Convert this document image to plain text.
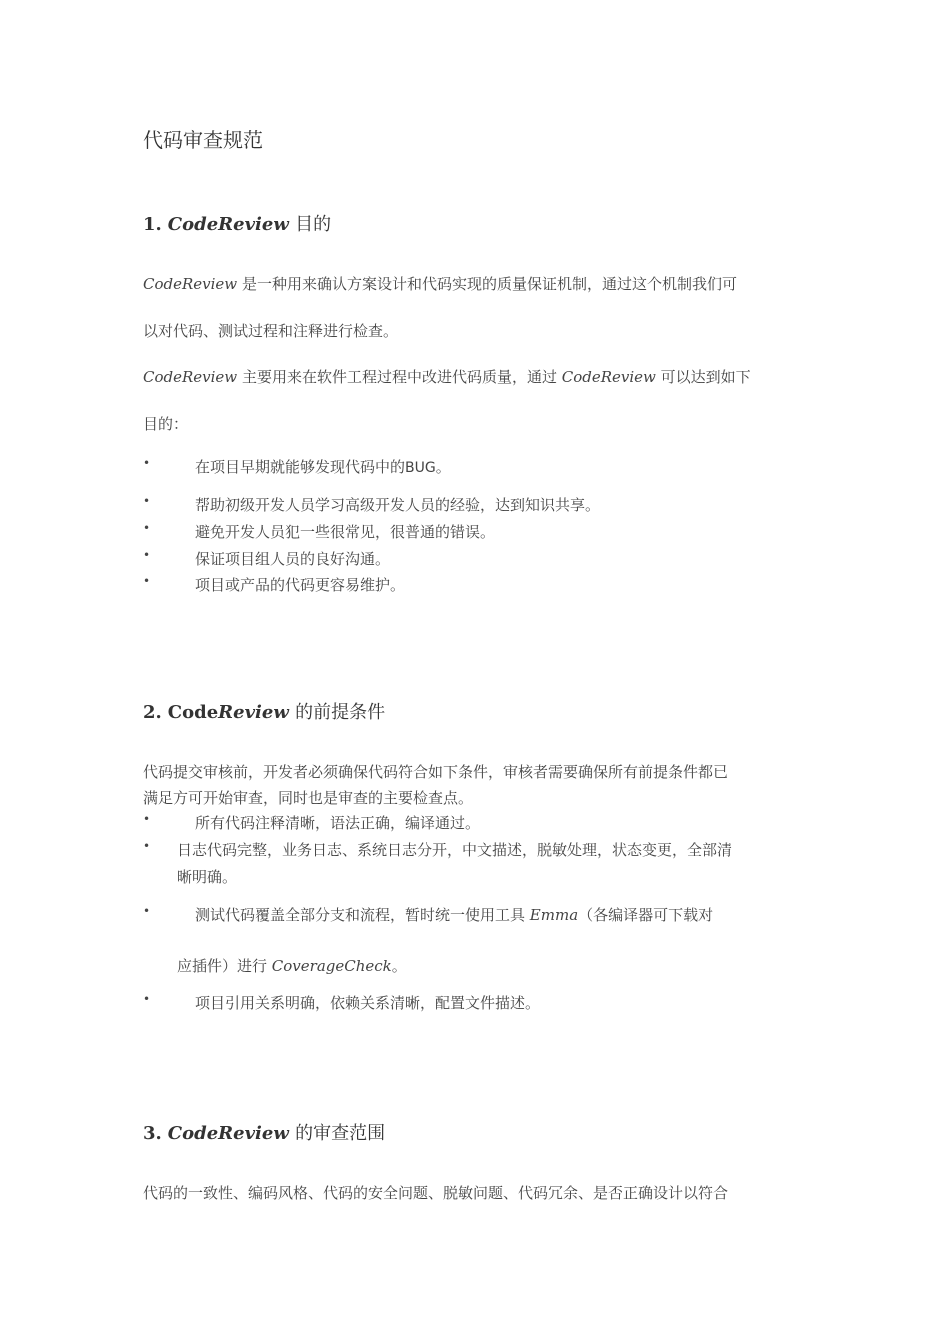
代码审查规范
1. CodeReview 目的
CodeReview 是一种用来确认方案设计和代码实现的质量保证机制，通过这个机制我们可
以对代码、测试过程和注释进行检查。
CodeReview 主要用来在软件工程过程中改进代码质量，通过 CodeReview 可以达到如下
目的：
•	在项目早期就能够发现代码中的BUG。
•	帮助初级开发人员学习高级开发人员的经验，达到知识共享。
•	避免开发人员犯一些很常见，很普通的错误。
•	保证项目组人员的良好沟通。
•	项目或产品的代码更容易维护。
2. CodeReview 的前提条件
代码提交审核前，开发者必须确保代码符合如下条件，审核者需要确保所有前提条件都已
满足方可开始审查，同时也是审查的主要检查点。
•	所有代码注释清晰，语法正确，编译通过。
• 日志代码完整，业务日志、系统日志分开，中文描述，脱敏处理，状态变更，全部清
晰明确。
•	测试代码覆盖全部分支和流程，暂时统一使用工具 Emma（各编译器可下载对
应插件）进行 CoverageCheck。
•	项目引用关系明确，依赖关系清晰，配置文件描述。
3. CodeReview 的审查范围
代码的一致性、编码风格、代码的安全问题、脱敏问题、代码冗余、是否正确设计以符合
